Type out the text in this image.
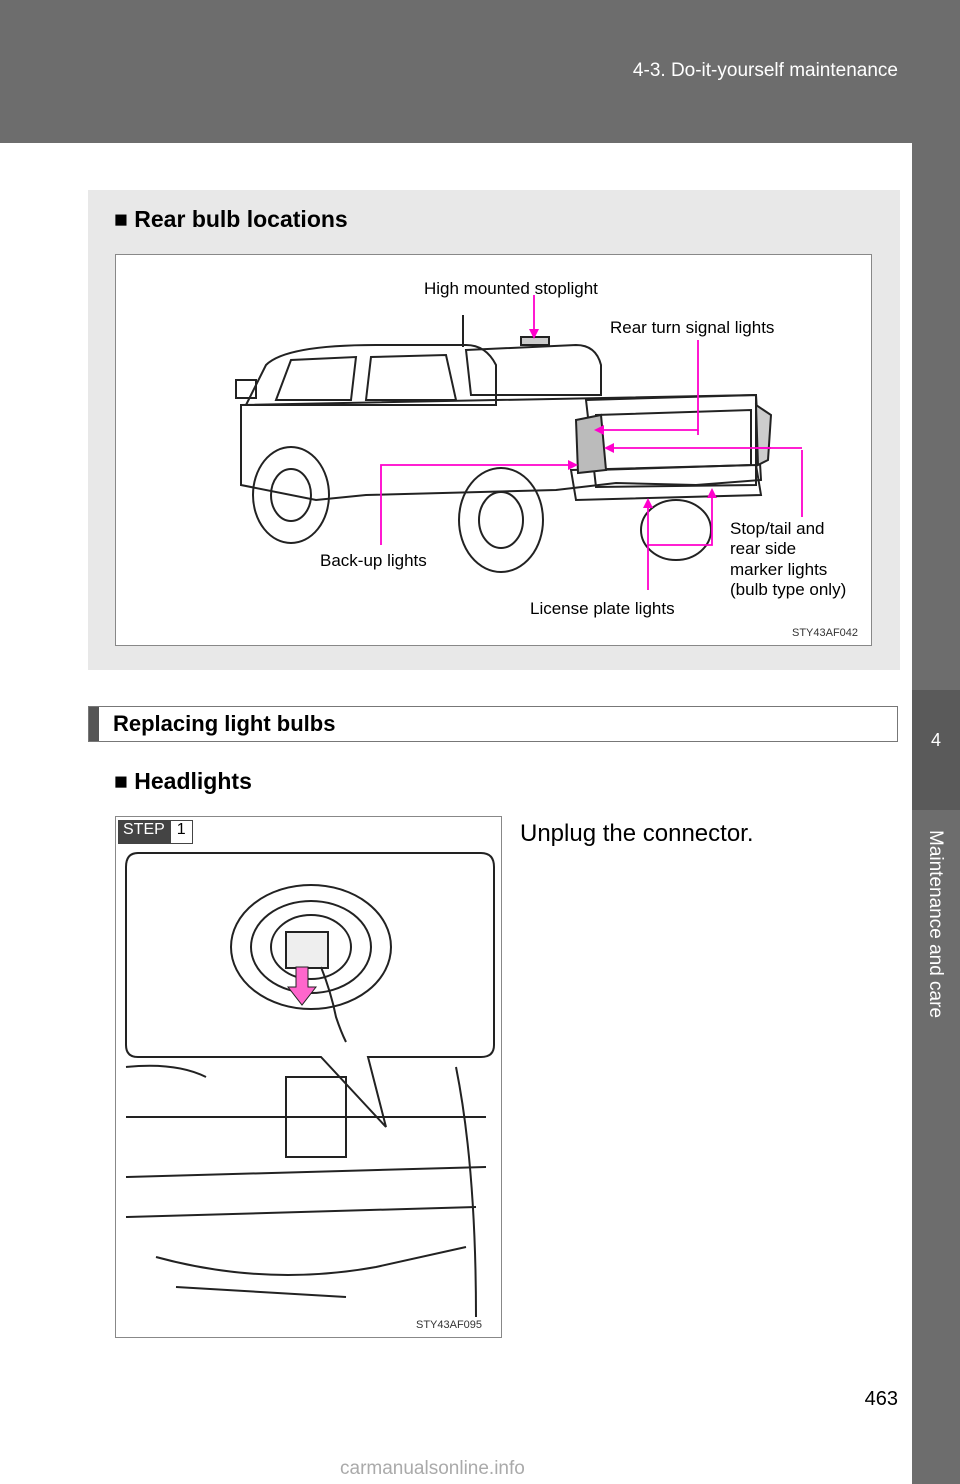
4-3. Do-it-yourself maintenance
4
Maintenance and care
■ Rear bulb locations
High mounted stoplight
Rear turn signal lights
Stop/tail and
rear side
marker lights
(bulb type only)
Back-up lights
License plate lights
STY43AF042
Replacing light bulbs
■ Headlights
STY43AF095
STEP 1	Unplug the connector.
463
carmanualsonline.info
